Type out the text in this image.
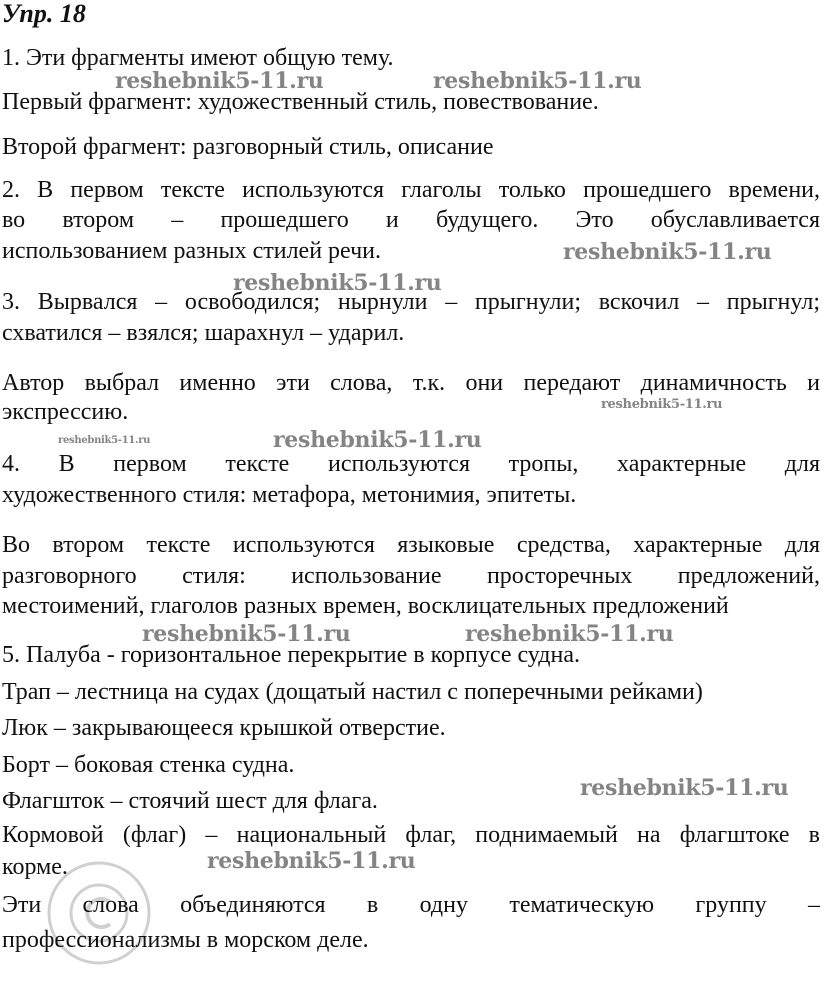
Упр. 18
1. Эти фрагменты имеют общую тему.
Первый фрагмент: художественный стиль, повествование.
Второй фрагмент: разговорный стиль, описание
2. В первом тексте используются глаголы только прошедшего времени,
во втором – прошедшего и будущего. Это обуславливается
использованием разных стилей речи.
3. Вырвался – освободился; нырнули – прыгнули; вскочил – прыгнул;
схватился – взялся; шарахнул – ударил.
Автор выбрал именно эти слова, т.к. они передают динамичность и
экспрессию.
4. В первом тексте используются тропы, характерные для
художественного стиля: метафора, метонимия, эпитеты.
Во втором тексте используются языковые средства, характерные для
разговорного стиля: использование просторечных предложений,
местоимений, глаголов разных времен, восклицательных предложений
5. Палуба - горизонтальное перекрытие в корпусе судна.
Трап – лестница на судах (дощатый настил с поперечными рейками)
Люк – закрывающееся крышкой отверстие.
Борт – боковая стенка судна.
Флагшток – стоячий шест для флага.
Кормовой (флаг) – национальный флаг, поднимаемый на флагштоке в
корме.
Эти слова объединяются в одну тематическую группу –
профессионализмы в морском деле.
reshebnik5-11.ru	reshebnik5-11.ru
reshebnik5-11.ru
reshebnik5-11.ru
reshebnik5-11.ru
reshebnik5-11.ru	reshebnik5-11.ru
reshebnik5-11.ru	reshebnik5-11.ru
reshebnik5-11.ru
reshebnik5-11.ru
